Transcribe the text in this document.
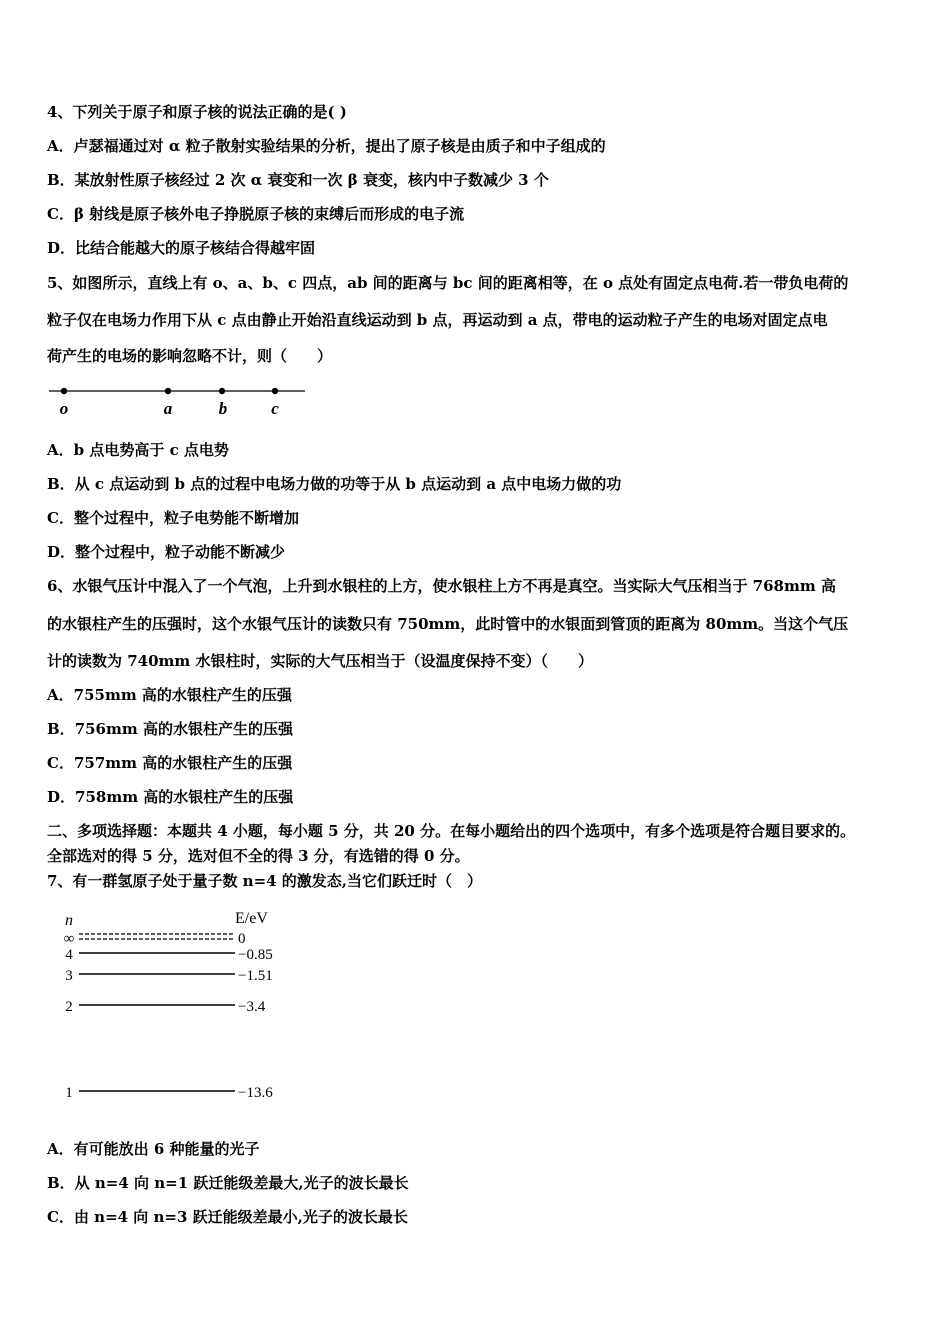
4、下列关于原子和原子核的说法正确的是( )
A．卢瑟福通过对 α 粒子散射实验结果的分析，提出了原子核是由质子和中子组成的
B．某放射性原子核经过 2 次 α 衰变和一次 β 衰变，核内中子数减少 3 个
C．β 射线是原子核外电子挣脱原子核的束缚后而形成的电子流
D．比结合能越大的原子核结合得越牢固
5、如图所示，直线上有 o、a、b、c 四点，ab 间的距离与 bc 间的距离相等，在 o 点处有固定点电荷.若一带负电荷的
粒子仅在电场力作用下从 c 点由静止开始沿直线运动到 b 点，再运动到 a 点，带电的运动粒子产生的电场对固定点电
荷产生的电场的影响忽略不计，则（　　）
o	a	b	c
A．b 点电势高于 c 点电势
B．从 c 点运动到 b 点的过程中电场力做的功等于从 b 点运动到 a 点中电场力做的功
C．整个过程中，粒子电势能不断增加
D．整个过程中，粒子动能不断减少
6、水银气压计中混入了一个气泡，上升到水银柱的上方，使水银柱上方不再是真空。当实际大气压相当于 768mm 高
的水银柱产生的压强时，这个水银气压计的读数只有 750mm，此时管中的水银面到管顶的距离为 80mm。当这个气压
计的读数为 740mm 水银柱时，实际的大气压相当于（设温度保持不变）（　　）
A．755mm 高的水银柱产生的压强
B．756mm 高的水银柱产生的压强
C．757mm 高的水银柱产生的压强
D．758mm 高的水银柱产生的压强
二、多项选择题：本题共 4 小题，每小题 5 分，共 20 分。在每小题给出的四个选项中，有多个选项是符合题目要求的。
全部选对的得 5 分，选对但不全的得 3 分，有选错的得 0 分。
7、有一群氢原子处于量子数 n=4 的激发态,当它们跃迁时（　）
n	E/eV
∞	0
4	−0.85
3	−1.51
2	−3.4
1	−13.6
A．有可能放出 6 种能量的光子
B．从 n=4 向 n=1 跃迁能级差最大,光子的波长最长
C．由 n=4 向 n=3 跃迁能级差最小,光子的波长最长
